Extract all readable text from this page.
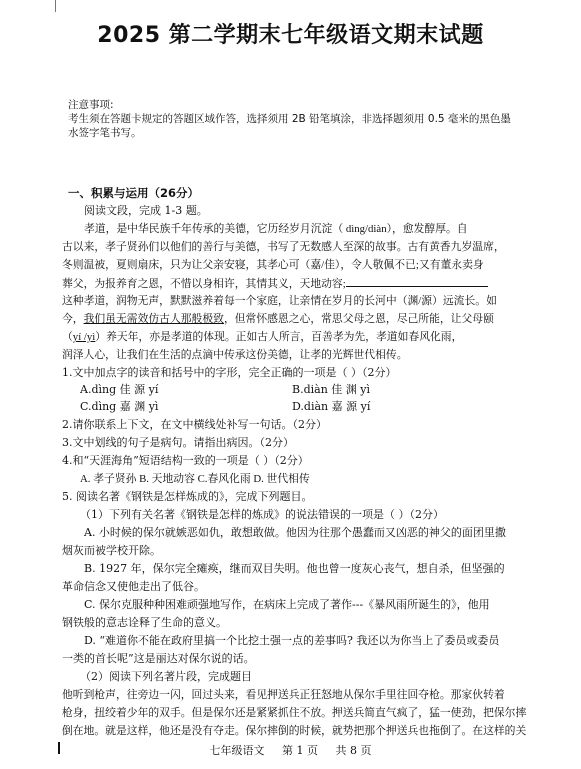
2025 第二学期末七年级语文期末试题
注意事项:
考生须在答题卡规定的答题区域作答，选择须用 2B 铅笔填涂，非选择题须用 0.5 毫米的黑色墨
水签字笔书写。
一、积累与运用（26分）
阅读文段，完成 1-3 题。
孝道，是中华民族千年传承的美德，它历经岁月沉淀（ dìng/diàn），愈发醇厚。自
古以来，孝子贤孙们以他们的善行与美德，书写了无数感人至深的故事。古有黄香九岁温席，
冬则温被，夏则扇床，只为让父亲安寝，其孝心可（嘉/佳），令人敬佩不已;又有董永卖身
葬父，为报养育之恩，不惜以身相许，其情其义，天地动容;
这种孝道，润物无声，默默滋养着每一个家庭，让亲情在岁月的长河中（渊/源）远流长。如
今，我们虽无需效仿古人那般极致，但常怀感恩之心，常思父母之恩，尽己所能，让父母颐
（yí /yì）养天年，亦是孝道的体现。正如古人所言，百善孝为先，孝道如春风化雨，
润泽人心，让我们在生活的点滴中传承这份美德，让孝的光辉世代相传。
1.文中加点字的读音和括号中的字形，完全正确的一项是（ ）（2分）
A.dìng 佳 源 yí	B.diàn 佳 渊 yì
C.dìng 嘉 渊 yì	D.diàn 嘉 源 yí
2.请你联系上下文，在文中横线处补写一句话。（2分）
3.文中划线的句子是病句。请指出病因。（2分）
4.和“天涯海角”短语结构一致的一项是（ ）（2分）
A. 孝子贤孙 B. 天地动容 C.春风化雨 D. 世代相传
5. 阅读名著《钢铁是怎样炼成的》，完成下列题目。
（1）下列有关名著《钢铁是怎样的炼成》的说法错误的一项是（ ）（2分）
A. 小时候的保尔就嫉恶如仇，敢想敢做。他因为往那个愚蠢而又凶恶的神父的面团里撒
烟灰而被学校开除。
B. 1927 年，保尔完全瘫痪，继而双目失明。他也曾一度灰心丧气，想自杀，但坚强的
革命信念又使他走出了低谷。
C. 保尔克服种种困难顽强地写作，在病床上完成了著作---《暴风雨所诞生的》，他用
钢铁般的意志诠释了生命的意义。
D. “难道你不能在政府里搞一个比挖土强一点的差事吗? 我还以为你当上了委员或委员
一类的首长呢”这是丽达对保尔说的话。
（2）阅读下列名著片段，完成题目
他听到枪声，往旁边一闪，回过头来，看见押送兵正狂怒地从保尔手里往回夺枪。那家伙转着
枪身，扭绞着少年的双手。但是保尔还是紧紧抓住不放。押送兵简直气疯了，猛一使劲，把保尔摔
倒在地。就是这样，他还是没有夺走。保尔摔倒的时候，就势把那个押送兵也拖倒了。在这样的关
七年级语文 第 1 页 共 8 页
